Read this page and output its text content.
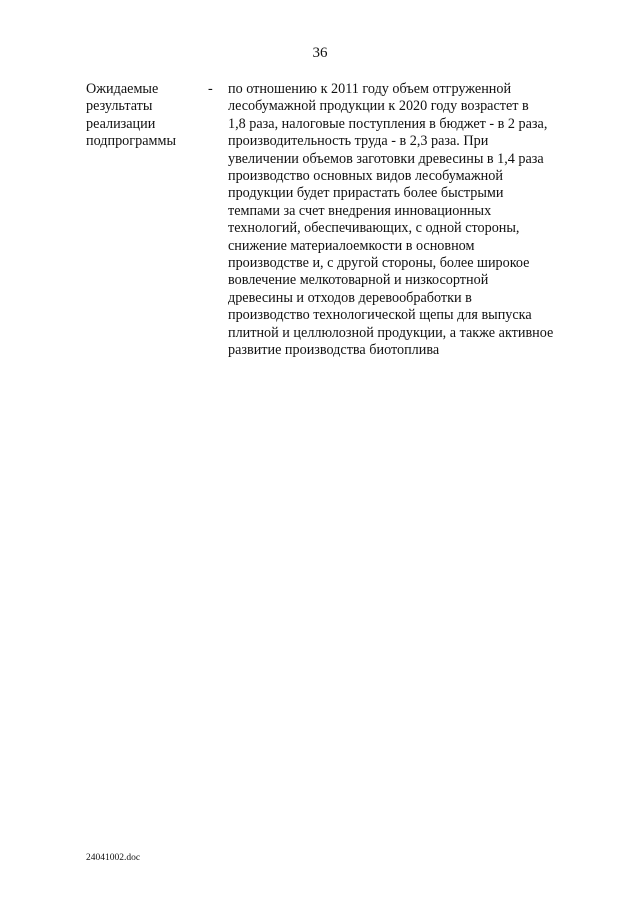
36
Ожидаемые
результаты
реализации
подпрограммы
-	по отношению к 2011 году объем отгруженной
лесобумажной продукции к 2020 году возрастет в
1,8 раза, налоговые поступления в бюджет - в 2 раза,
производительность труда - в 2,3 раза. При
увеличении объемов заготовки древесины в 1,4 раза
производство основных видов лесобумажной
продукции будет прирастать более быстрыми
темпами за счет внедрения инновационных
технологий, обеспечивающих, с одной стороны,
снижение материалоемкости в основном
производстве и, с другой стороны, более широкое
вовлечение мелкотоварной и низкосортной
древесины и отходов деревообработки в
производство технологической щепы для выпуска
плитной и целлюлозной продукции, а также активное
развитие производства биотоплива
24041002.doc
